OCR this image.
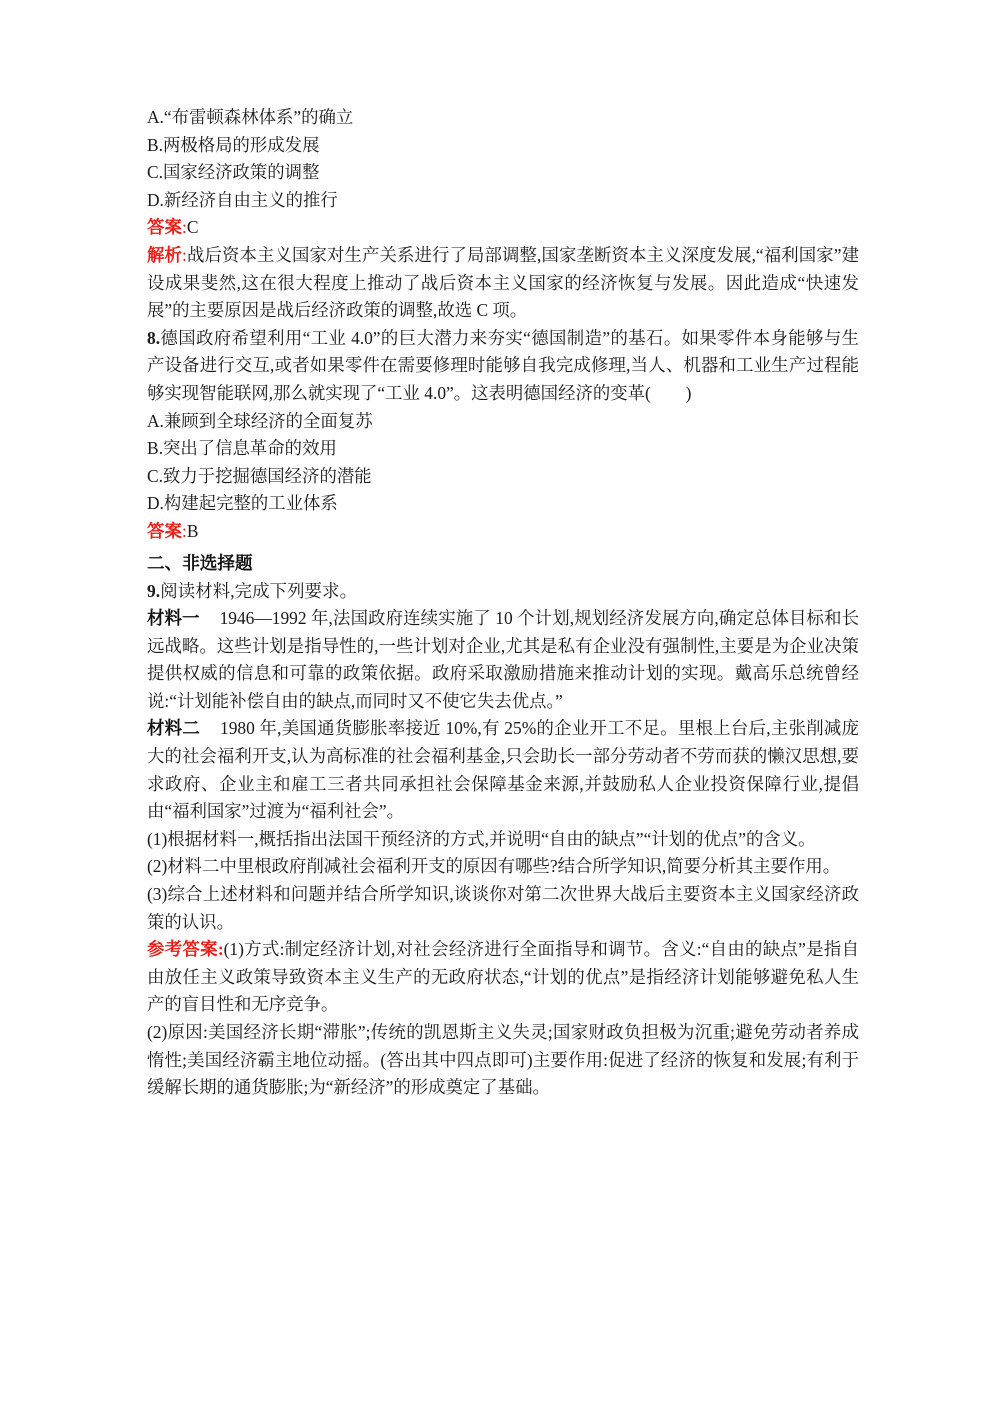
A.“布雷顿森林体系”的确立
B.两极格局的形成发展
C.国家经济政策的调整
D.新经济自由主义的推行
答案:C
解析:战后资本主义国家对生产关系进行了局部调整,国家垄断资本主义深度发展,“福利国家”建设成果斐然,这在很大程度上推动了战后资本主义国家的经济恢复与发展。因此造成“快速发展”的主要原因是战后经济政策的调整,故选 C 项。
8.德国政府希望利用“工业 4.0”的巨大潜力来夯实“德国制造”的基石。如果零件本身能够与生产设备进行交互,或者如果零件在需要修理时能够自我完成修理,当人、机器和工业生产过程能够实现智能联网,那么就实现了“工业 4.0”。这表明德国经济的变革(　　)
A.兼顾到全球经济的全面复苏
B.突出了信息革命的效用
C.致力于挖掘德国经济的潜能
D.构建起完整的工业体系
答案:B
二、非选择题
9.阅读材料,完成下列要求。
材料一 1946—1992 年,法国政府连续实施了 10 个计划,规划经济发展方向,确定总体目标和长远战略。这些计划是指导性的,一些计划对企业,尤其是私有企业没有强制性,主要是为企业决策提供权威的信息和可靠的政策依据。政府采取激励措施来推动计划的实现。戴高乐总统曾经说:“计划能补偿自由的缺点,而同时又不使它失去优点。”
材料二 1980 年,美国通货膨胀率接近 10%,有 25%的企业开工不足。里根上台后,主张削减庞大的社会福利开支,认为高标准的社会福利基金,只会助长一部分劳动者不劳而获的懒汉思想,要求政府、企业主和雇工三者共同承担社会保障基金来源,并鼓励私人企业投资保障行业,提倡由“福利国家”过渡为“福利社会”。
(1)根据材料一,概括指出法国干预经济的方式,并说明“自由的缺点”“计划的优点”的含义。
(2)材料二中里根政府削减社会福利开支的原因有哪些?结合所学知识,简要分析其主要作用。
(3)综合上述材料和问题并结合所学知识,谈谈你对第二次世界大战后主要资本主义国家经济政策的认识。
参考答案:(1)方式:制定经济计划,对社会经济进行全面指导和调节。含义:“自由的缺点”是指自由放任主义政策导致资本主义生产的无政府状态,“计划的优点”是指经济计划能够避免私人生产的盲目性和无序竞争。
(2)原因:美国经济长期“滞胀”;传统的凯恩斯主义失灵;国家财政负担极为沉重;避免劳动者养成惰性;美国经济霸主地位动摇。(答出其中四点即可)主要作用:促进了经济的恢复和发展;有利于缓解长期的通货膨胀;为“新经济”的形成奠定了基础。
